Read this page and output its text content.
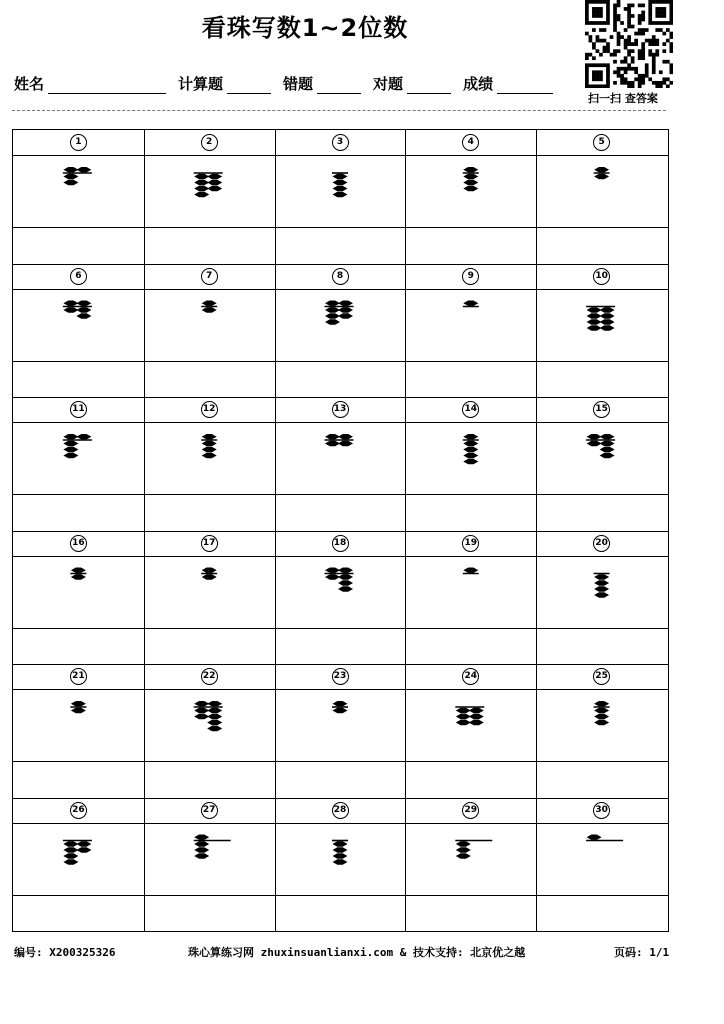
看珠写数1~2位数
扫一扫 查答案
姓名	计算题	错题	对题	成绩
1	2	3	4	5
6	7	8	9	10
11	12	13	14	15
16	17	18	19	20
21	22	23	24	25
26	27	28	29	30
编号: X200325326	珠心算练习网 zhuxinsuanlianxi.com & 技术支持: 北京优之越	页码: 1/1
